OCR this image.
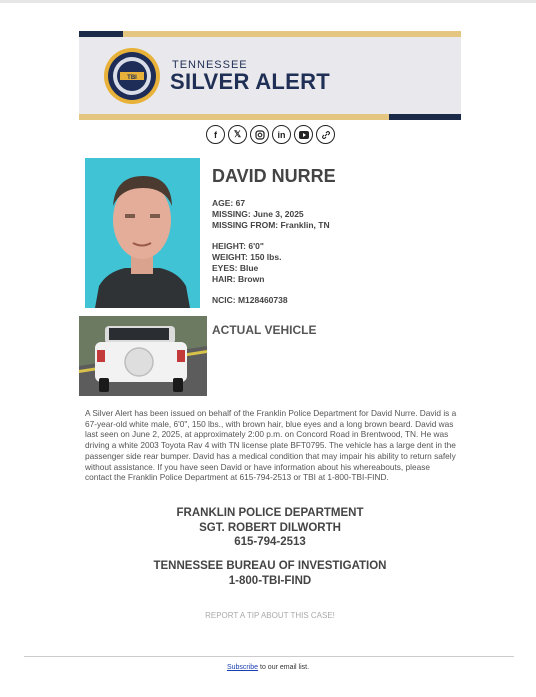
TBI
TENNESSEE
SILVER ALERT
f	𝕏	in
DAVID NURRE
AGE: 67
MISSING: June 3, 2025
MISSING FROM: Franklin, TN
HEIGHT: 6'0"
WEIGHT: 150 lbs.
EYES: Blue
HAIR: Brown
NCIC: M128460738
ACTUAL VEHICLE
A Silver Alert has been issued on behalf of the Franklin Police Department for David Nurre. David is a 67-year-old white male, 6'0", 150 lbs., with brown hair, blue eyes and a long brown beard. David was last seen on June 2, 2025, at approximately 2:00 p.m. on Concord Road in Brentwood, TN. He was driving a white 2003 Toyota Rav 4 with TN license plate BFT0795. The vehicle has a large dent in the passenger side rear bumper. David has a medical condition that may impair his ability to return safely without assistance. If you have seen David or have information about his whereabouts, please contact the Franklin Police Department at 615-794-2513 or TBI at 1-800-TBI-FIND.
FRANKLIN POLICE DEPARTMENT
SGT. ROBERT DILWORTH
615-794-2513
TENNESSEE BUREAU OF INVESTIGATION
1-800-TBI-FIND
REPORT A TIP ABOUT THIS CASE!
Subscribe to our email list.
